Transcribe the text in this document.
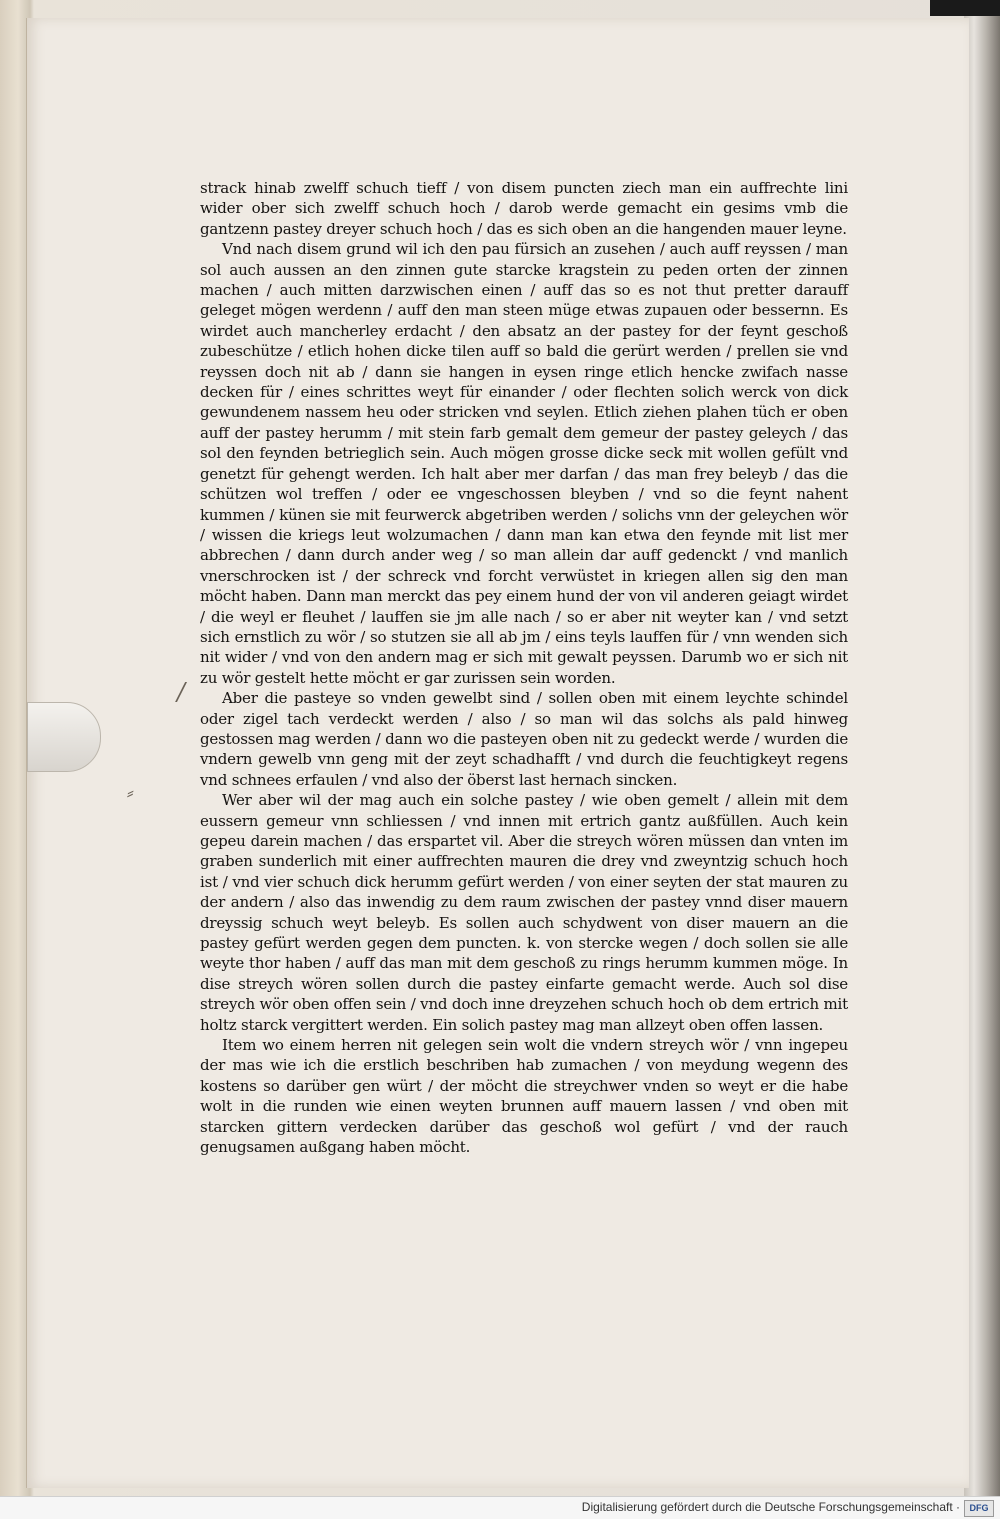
/
⸗

strack hinab zwelff schuch tieff / von disem puncten ziech man ein auffrechte lini wider ober sich zwelff schuch hoch / darob werde gemacht ein gesims vmb die gantzenn pastey dreyer schuch hoch / das es sich oben an die hangenden mauer leyne.

Vnd nach disem grund wil ich den pau fürsich an zusehen / auch auff reyssen / man sol auch aussen an den zinnen gute starcke kragstein zu peden orten der zinnen machen / auch mitten darzwischen einen / auff das so es not thut pretter darauff geleget mögen werdenn / auff den man steen müge etwas zupauen oder bessernn. Es wirdet auch mancherley erdacht / den absatz an der pastey for der feynt geschoß zubeschütze / etlich hohen dicke tilen auff so bald die gerürt werden / prellen sie vnd reyssen doch nit ab / dann sie hangen in eysen ringe etlich hencke zwifach nasse decken für / eines schrittes weyt für einander / oder flechten solich werck von dick gewundenem nassem heu oder stricken vnd seylen. Etlich ziehen plahen tüch er oben auff der pastey herumm / mit stein farb gemalt dem gemeur der pastey geleych / das sol den feynden betrieglich sein. Auch mögen grosse dicke seck mit wollen gefült vnd genetzt für gehengt werden. Ich halt aber mer darfan / das man frey beleyb / das die schützen wol treffen / oder ee vngeschossen bleyben / vnd so die feynt nahent kummen / künen sie mit feurwerck abgetriben werden / solichs vnn der geleychen wör / wissen die kriegs leut wolzumachen / dann man kan etwa den feynde mit list mer abbrechen / dann durch ander weg / so man allein dar auff gedenckt / vnd manlich vnerschrocken ist / der schreck vnd forcht verwüstet in kriegen allen sig den man möcht haben. Dann man merckt das pey einem hund der von vil anderen geiagt wirdet / die weyl er fleuhet / lauffen sie jm alle nach / so er aber nit weyter kan / vnd setzt sich ernstlich zu wör / so stutzen sie all ab jm / eins teyls lauffen für / vnn wenden sich nit wider / vnd von den andern mag er sich mit gewalt peyssen. Darumb wo er sich nit zu wör gestelt hette möcht er gar zurissen sein worden.

Aber die pasteye so vnden gewelbt sind / sollen oben mit einem leychte schindel oder zigel tach verdeckt werden / also / so man wil das solchs als pald hinweg gestossen mag werden / dann wo die pasteyen oben nit zu gedeckt werde / wurden die vndern gewelb vnn geng mit der zeyt schadhafft / vnd durch die feuchtigkeyt regens vnd schnees erfaulen / vnd also der öberst last hernach sincken.

Wer aber wil der mag auch ein solche pastey / wie oben gemelt / allein mit dem eussern gemeur vnn schliessen / vnd innen mit ertrich gantz außfüllen. Auch kein gepeu darein machen / das erspartet vil. Aber die streych wören müssen dan vnten im graben sunderlich mit einer auffrechten mauren die drey vnd zweyntzig schuch hoch ist / vnd vier schuch dick herumm gefürt werden / von einer seyten der stat mauren zu der andern / also das inwendig zu dem raum zwischen der pastey vnnd diser mauern dreyssig schuch weyt beleyb. Es sollen auch schydwent von diser mauern an die pastey gefürt werden gegen dem puncten. k. von stercke wegen / doch sollen sie alle weyte thor haben / auff das man mit dem geschoß zu rings herumm kummen möge. In dise streych wören sollen durch die pastey einfarte gemacht werde. Auch sol dise streych wör oben offen sein / vnd doch inne dreyzehen schuch hoch ob dem ertrich mit holtz starck vergittert werden. Ein solich pastey mag man allzeyt oben offen lassen.

Item wo einem herren nit gelegen sein wolt die vndern streych wör / vnn ingepeu der mas wie ich die erstlich beschriben hab zumachen / von meydung wegenn des kostens so darüber gen würt / der möcht die streychwer vnden so weyt er die habe wolt in die runden wie einen weyten brunnen auff mauern lassen / vnd oben mit starcken gittern verdecken darüber das geschoß wol gefürt / vnd der rauch genugsamen außgang haben möcht.

Digitalisierung gefördert durch die Deutsche Forschungsgemeinschaft ·	DFG
